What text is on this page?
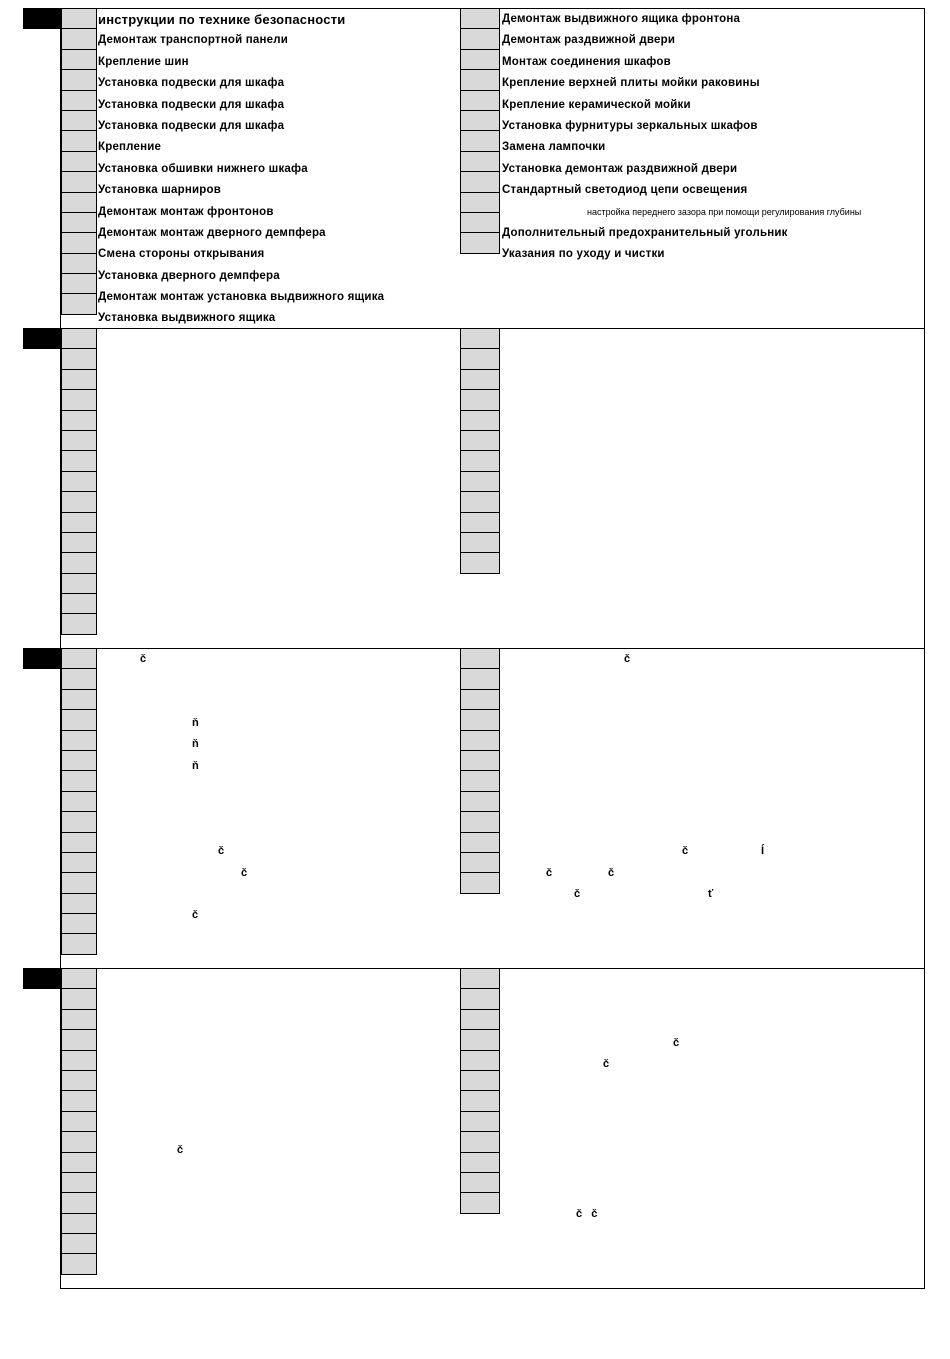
инструкции по технике безопасности
Демонтаж транспортной панели
Крепление шин
Установка подвески для шкафа
Установка подвески для шкафа
Установка подвески для шкафа
Крепление
Установка обшивки нижнего шкафа
Установка шарниров
Демонтаж монтаж фронтонов
Демонтаж монтаж дверного демпфера
Смена стороны открывания
Установка дверного демпфера
Демонтаж монтаж установка выдвижного ящика
Установка выдвижного ящика
Демонтаж выдвижного ящика фронтона
Демонтаж раздвижной двери
Монтаж соединения шкафов
Крепление верхней плиты мойки раковины
Крепление керамической мойки
Установка фурнитуры зеркальных шкафов
Замена лампочки
Установка демонтаж раздвижной двери
Стандартный светодиод цепи освещения
настройка переднего зазора при помощи регулирования глубины
Дополнительный предохранительный угольник
Указания по уходу и чистки
č
ň
ň
ň
č
č
č
č
č	Í
č	č
č	ť
č
č
č
č   č
